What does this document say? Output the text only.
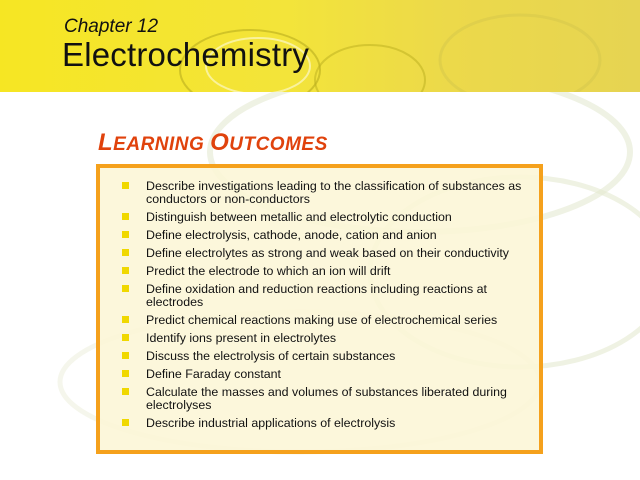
Chapter 12
Electrochemistry
LEARNING OUTCOMES
Describe investigations leading to the classification of substances as conductors or non-conductors
Distinguish between metallic and electrolytic conduction
Define electrolysis, cathode, anode, cation and anion
Define electrolytes as strong and weak based on their conductivity
Predict the electrode to which an ion will drift
Define oxidation and reduction reactions including reactions at electrodes
Predict chemical reactions making use of electrochemical series
Identify ions present in electrolytes
Discuss the electrolysis of certain substances
Define Faraday constant
Calculate the masses and volumes of substances liberated during electrolyses
Describe industrial applications of electrolysis
